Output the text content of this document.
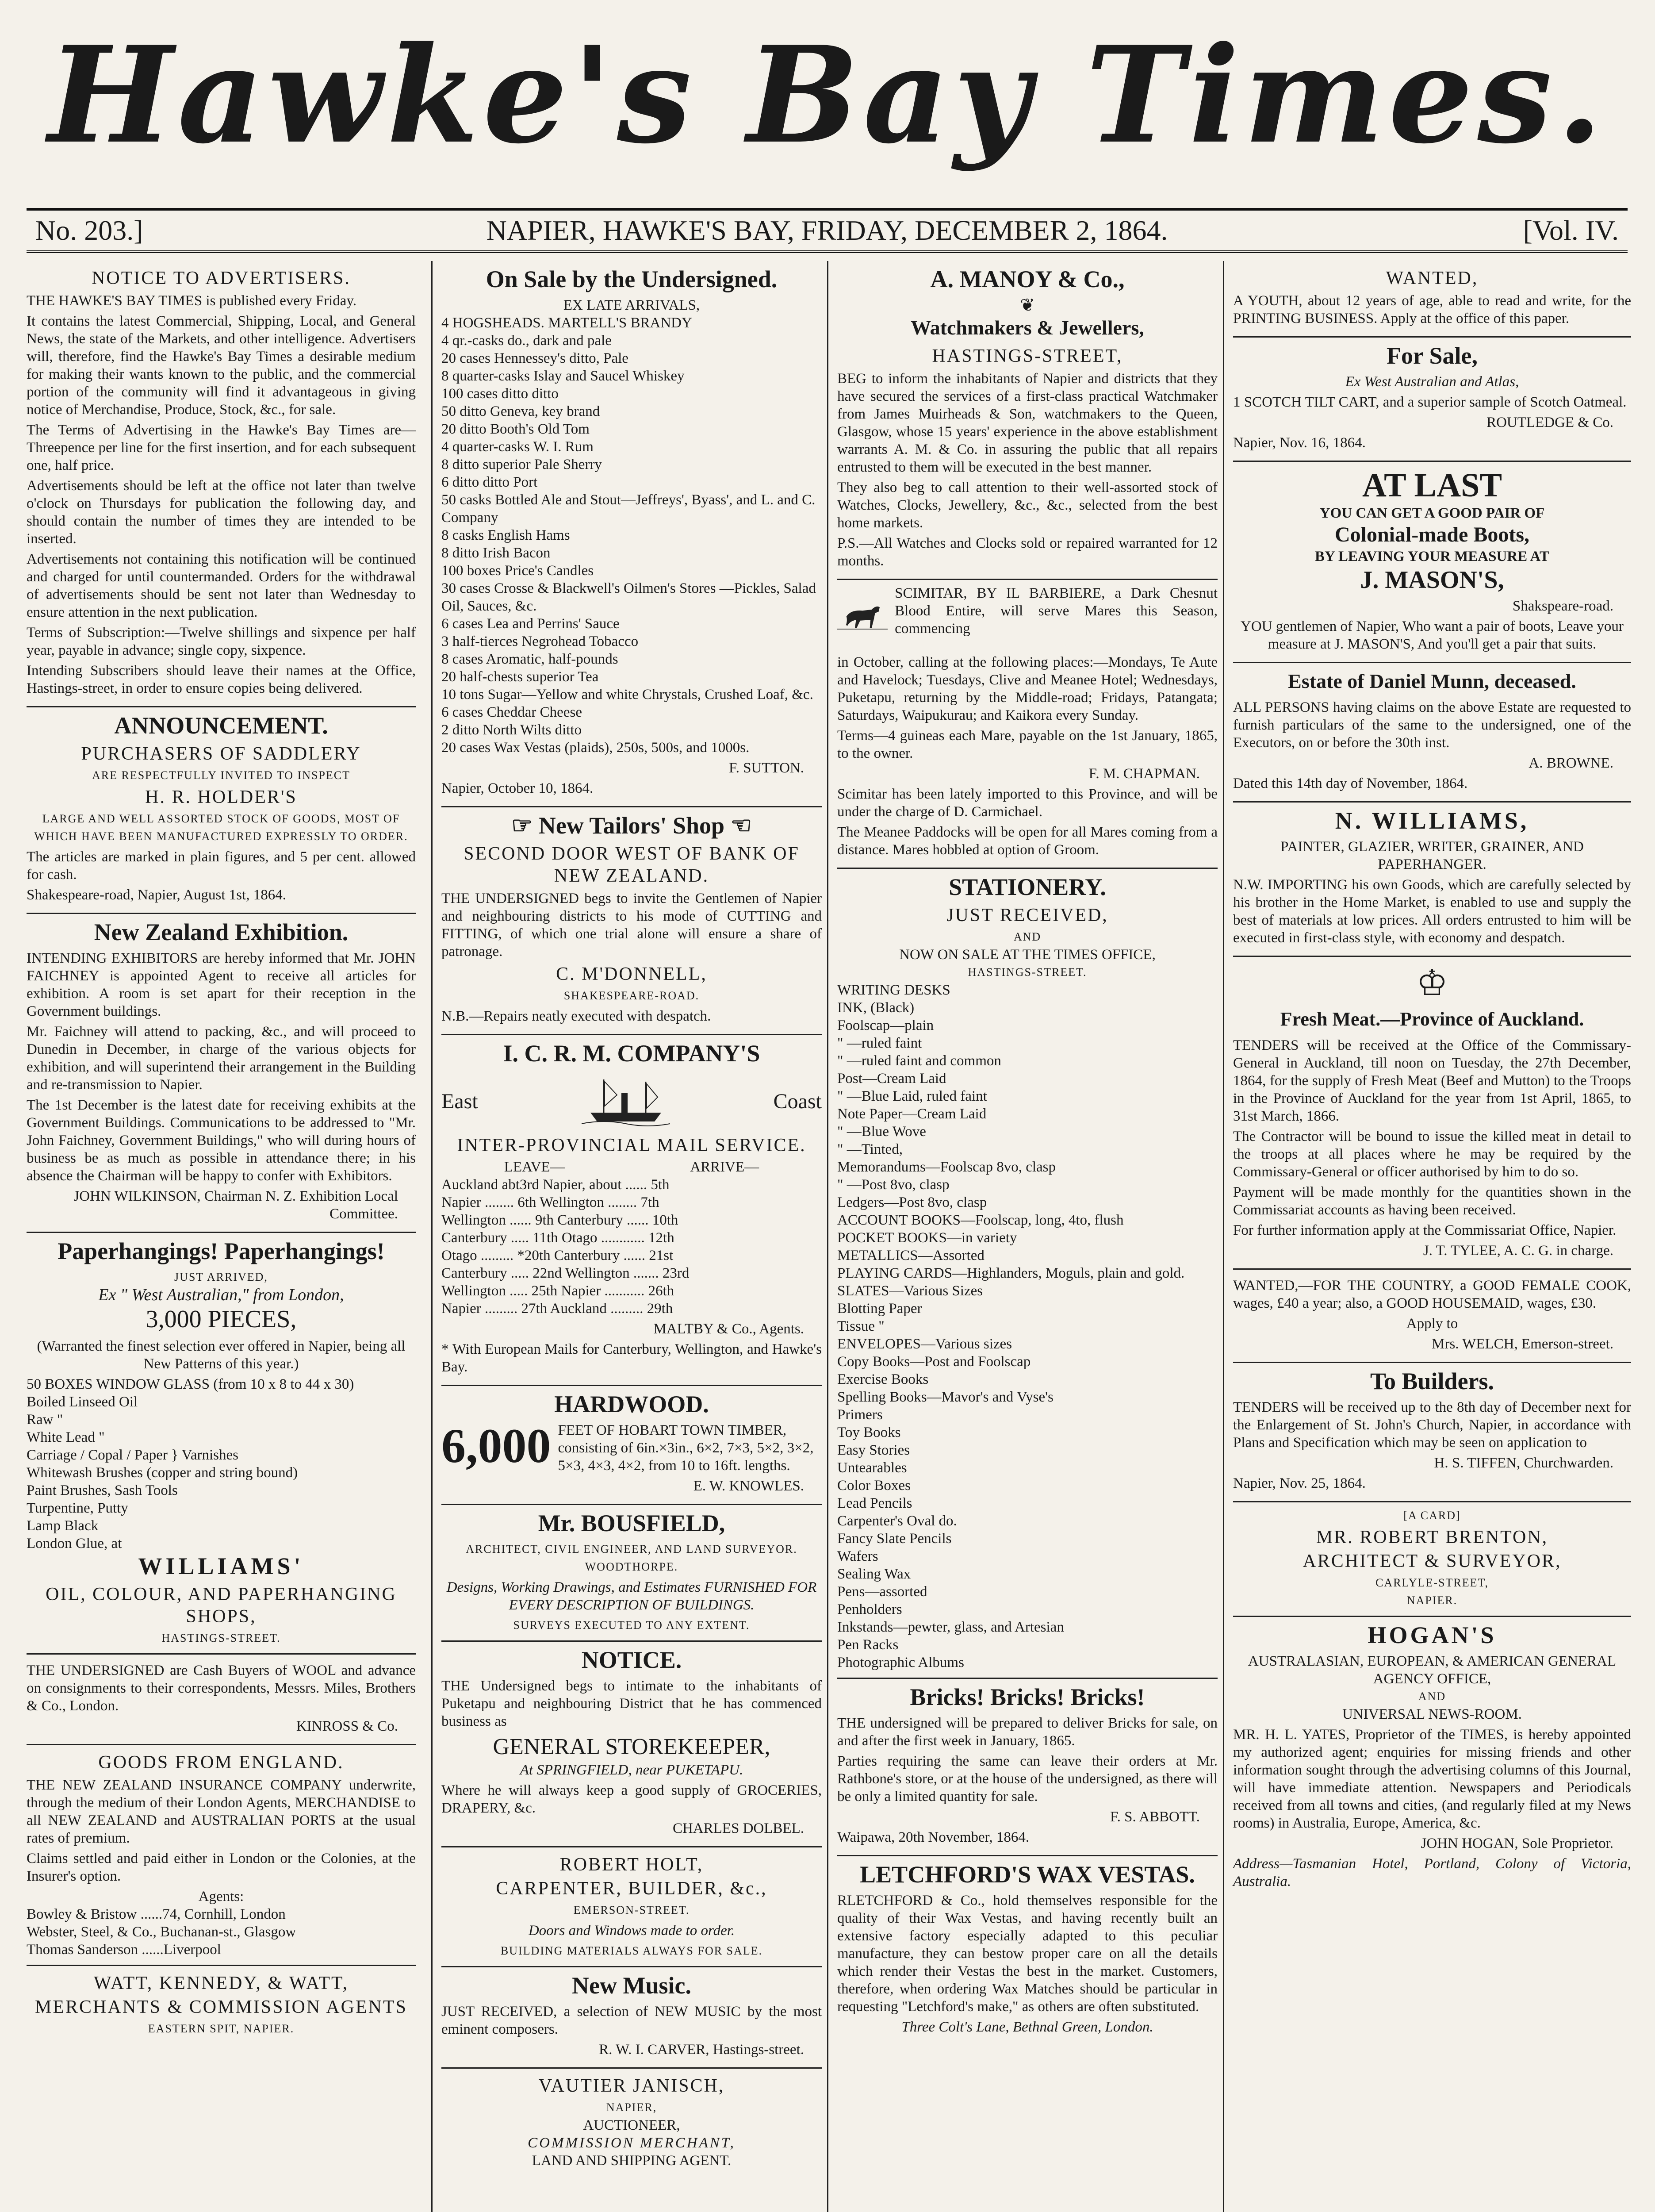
Hawke's Bay Times.
No. 203.]	NAPIER, HAWKE'S BAY, FRIDAY, DECEMBER 2, 1864.	[Vol. IV.
NOTICE TO ADVERTISERS.

THE HAWKE'S BAY TIMES is published every Friday.

It contains the latest Commercial, Shipping, Local, and General News, the state of the Markets, and other intelligence. Advertisers will, therefore, find the Hawke's Bay Times a desirable medium for making their wants known to the public, and the commercial portion of the community will find it advantageous in giving notice of Merchandise, Produce, Stock, &c., for sale.

The Terms of Advertising in the Hawke's Bay Times are—Threepence per line for the first insertion, and for each subsequent one, half price.

Advertisements should be left at the office not later than twelve o'clock on Thursdays for publication the following day, and should contain the number of times they are intended to be inserted.

Advertisements not containing this notification will be continued and charged for until countermanded. Orders for the withdrawal of advertisements should be sent not later than Wednesday to ensure attention in the next publication.

Terms of Subscription:—Twelve shillings and sixpence per half year, payable in advance; single copy, sixpence.

Intending Subscribers should leave their names at the Office, Hastings-street, in order to ensure copies being delivered.

ANNOUNCEMENT.
PURCHASERS OF SADDLERY
ARE RESPECTFULLY INVITED TO INSPECT
H. R. HOLDER'S
LARGE AND WELL ASSORTED STOCK OF GOODS, MOST OF WHICH HAVE BEEN MANUFACTURED EXPRESSLY TO ORDER.

The articles are marked in plain figures, and 5 per cent. allowed for cash.

Shakespeare-road, Napier, August 1st, 1864.

New Zealand Exhibition.

INTENDING EXHIBITORS are hereby informed that Mr. JOHN FAICHNEY is appointed Agent to receive all articles for exhibition. A room is set apart for their reception in the Government buildings.

Mr. Faichney will attend to packing, &c., and will proceed to Dunedin in December, in charge of the various objects for exhibition, and will superintend their arrangement in the Building and re-transmission to Napier.

The 1st December is the latest date for receiving exhibits at the Government Buildings. Communications to be addressed to "Mr. John Faichney, Government Buildings," who will during hours of business be as much as possible in attendance there; in his absence the Chairman will be happy to confer with Exhibitors.

JOHN WILKINSON, Chairman N. Z. Exhibition Local Committee.

Paperhangings! Paperhangings!
JUST ARRIVED,
Ex " West Australian," from London,
3,000 PIECES,

(Warranted the finest selection ever offered in Napier, being all New Patterns of this year.)

50 BOXES WINDOW GLASS (from 10 x 8 to 44 x 30)
Boiled Linseed Oil
Raw "
White Lead "
Carriage / Copal / Paper } Varnishes
Whitewash Brushes (copper and string bound)
Paint Brushes, Sash Tools
Turpentine, Putty
Lamp Black
London Glue, at
WILLIAMS'
OIL, COLOUR, AND PAPERHANGING SHOPS,
HASTINGS-STREET.

THE UNDERSIGNED are Cash Buyers of WOOL and advance on consignments to their correspondents, Messrs. Miles, Brothers & Co., London.

KINROSS & Co.

GOODS FROM ENGLAND.

THE NEW ZEALAND INSURANCE COMPANY underwrite, through the medium of their London Agents, MERCHANDISE to all NEW ZEALAND and AUSTRALIAN PORTS at the usual rates of premium.

Claims settled and paid either in London or the Colonies, at the Insurer's option.

Agents:
Bowley & Bristow ......74, Cornhill, London
Webster, Steel, & Co., Buchanan-st., Glasgow
Thomas Sanderson ......Liverpool
WATT, KENNEDY, & WATT,
MERCHANTS & COMMISSION AGENTS
EASTERN SPIT, NAPIER.
On Sale by the Undersigned.
EX LATE ARRIVALS,
4 HOGSHEADS. MARTELL'S BRANDY
4 qr.-casks do., dark and pale
20 cases Hennessey's ditto, Pale
8 quarter-casks Islay and Saucel Whiskey
100 cases ditto ditto
50 ditto Geneva, key brand
20 ditto Booth's Old Tom
4 quarter-casks W. I. Rum
8 ditto superior Pale Sherry
6 ditto ditto Port
50 casks Bottled Ale and Stout—Jeffreys', Byass', and L. and C. Company
8 casks English Hams
8 ditto Irish Bacon
100 boxes Price's Candles
30 cases Crosse & Blackwell's Oilmen's Stores —Pickles, Salad Oil, Sauces, &c.
6 cases Lea and Perrins' Sauce
3 half-tierces Negrohead Tobacco
8 cases Aromatic, half-pounds
20 half-chests superior Tea
10 tons Sugar—Yellow and white Chrystals, Crushed Loaf, &c.
6 cases Cheddar Cheese
2 ditto North Wilts ditto
20 cases Wax Vestas (plaids), 250s, 500s, and 1000s.

F. SUTTON.

Napier, October 10, 1864.

☞ New Tailors' Shop ☜
SECOND DOOR WEST OF BANK OF NEW ZEALAND.

THE UNDERSIGNED begs to invite the Gentlemen of Napier and neighbouring districts to his mode of CUTTING and FITTING, of which one trial alone will ensure a share of patronage.

C. M'DONNELL,
SHAKESPEARE-ROAD.

N.B.—Repairs neatly executed with despatch.

I. C. R. M. COMPANY'S
East	Coast
INTER-PROVINCIAL MAIL SERVICE.
LEAVE—	ARRIVE—
Auckland abt3rd Napier, about ...... 5th
Napier ........ 6th Wellington ........ 7th
Wellington ...... 9th Canterbury ...... 10th
Canterbury ..... 11th Otago ............ 12th
Otago ......... *20th Canterbury ...... 21st
Canterbury ..... 22nd Wellington ....... 23rd
Wellington ..... 25th Napier ........... 26th
Napier ......... 27th Auckland ......... 29th

MALTBY & Co., Agents.

* With European Mails for Canterbury, Wellington, and Hawke's Bay.

HARDWOOD.
6,000 FEET OF HOBART TOWN TIMBER, consisting of 6in.×3in., 6×2, 7×3, 5×2, 3×2, 5×3, 4×3, 4×2, from 10 to 16ft. lengths.

E. W. KNOWLES.

Mr. BOUSFIELD,
ARCHITECT, CIVIL ENGINEER, AND LAND SURVEYOR. WOODTHORPE.

Designs, Working Drawings, and Estimates FURNISHED FOR EVERY DESCRIPTION OF BUILDINGS.

SURVEYS EXECUTED TO ANY EXTENT.
NOTICE.

THE Undersigned begs to intimate to the inhabitants of Puketapu and neighbouring District that he has commenced business as

GENERAL STOREKEEPER,
At SPRINGFIELD, near PUKETAPU.

Where he will always keep a good supply of GROCERIES, DRAPERY, &c.

CHARLES DOLBEL.

ROBERT HOLT,
CARPENTER, BUILDER, &c.,
EMERSON-STREET.

Doors and Windows made to order.

BUILDING MATERIALS ALWAYS FOR SALE.
New Music.

JUST RECEIVED, a selection of NEW MUSIC by the most eminent composers.

R. W. I. CARVER, Hastings-street.

VAUTIER JANISCH,
NAPIER,
AUCTIONEER,
COMMISSION MERCHANT,
LAND AND SHIPPING AGENT.
A. MANOY & Co.,
❦
Watchmakers & Jewellers,
HASTINGS-STREET,

BEG to inform the inhabitants of Napier and districts that they have secured the services of a first-class practical Watchmaker from James Muirheads & Son, watchmakers to the Queen, Glasgow, whose 15 years' experience in the above establishment warrants A. M. & Co. in assuring the public that all repairs entrusted to them will be executed in the best manner.

They also beg to call attention to their well-assorted stock of Watches, Clocks, Jewellery, &c., &c., selected from the best home markets.

P.S.—All Watches and Clocks sold or repaired warranted for 12 months.

SCIMITAR, BY IL BARBIERE, a Dark Chesnut Blood Entire, will serve Mares this Season, commencing

in October, calling at the following places:—Mondays, Te Aute and Havelock; Tuesdays, Clive and Meanee Hotel; Wednesdays, Puketapu, returning by the Middle-road; Fridays, Patangata; Saturdays, Waipukurau; and Kaikora every Sunday.

Terms—4 guineas each Mare, payable on the 1st January, 1865, to the owner.

F. M. CHAPMAN.

Scimitar has been lately imported to this Province, and will be under the charge of D. Carmichael.

The Meanee Paddocks will be open for all Mares coming from a distance. Mares hobbled at option of Groom.

STATIONERY.
JUST RECEIVED,
AND
NOW ON SALE AT THE TIMES OFFICE,
HASTINGS-STREET.
WRITING DESKS
INK, (Black)
Foolscap—plain
" —ruled faint
" —ruled faint and common
Post—Cream Laid
" —Blue Laid, ruled faint
Note Paper—Cream Laid
" —Blue Wove
" —Tinted,
Memorandums—Foolscap 8vo, clasp
" —Post 8vo, clasp
Ledgers—Post 8vo, clasp
ACCOUNT BOOKS—Foolscap, long, 4to, flush
POCKET BOOKS—in variety
METALLICS—Assorted
PLAYING CARDS—Highlanders, Moguls, plain and gold.
SLATES—Various Sizes
Blotting Paper
Tissue "
ENVELOPES—Various sizes
Copy Books—Post and Foolscap
Exercise Books
Spelling Books—Mavor's and Vyse's
Primers
Toy Books
Easy Stories
Untearables
Color Boxes
Lead Pencils
Carpenter's Oval do.
Fancy Slate Pencils
Wafers
Sealing Wax
Pens—assorted
Penholders
Inkstands—pewter, glass, and Artesian
Pen Racks
Photographic Albums
Bricks! Bricks! Bricks!

THE undersigned will be prepared to deliver Bricks for sale, on and after the first week in January, 1865.

Parties requiring the same can leave their orders at Mr. Rathbone's store, or at the house of the undersigned, as there will be only a limited quantity for sale.

F. S. ABBOTT.

Waipawa, 20th November, 1864.

LETCHFORD'S WAX VESTAS.

RLETCHFORD & Co., hold themselves responsible for the quality of their Wax Vestas, and having recently built an extensive factory especially adapted to this peculiar manufacture, they can bestow proper care on all the details which render their Vestas the best in the market. Customers, therefore, when ordering Wax Matches should be particular in requesting "Letchford's make," as others are often substituted.

Three Colt's Lane, Bethnal Green, London.

WANTED,

A YOUTH, about 12 years of age, able to read and write, for the PRINTING BUSINESS. Apply at the office of this paper.

For Sale,
Ex West Australian and Atlas,

1 SCOTCH TILT CART, and a superior sample of Scotch Oatmeal.

ROUTLEDGE & Co.

Napier, Nov. 16, 1864.

AT LAST
YOU CAN GET A GOOD PAIR OF
Colonial-made Boots,
BY LEAVING YOUR MEASURE AT
J. MASON'S,

Shakspeare-road.

YOU gentlemen of Napier, Who want a pair of boots, Leave your measure at J. MASON'S, And you'll get a pair that suits.

Estate of Daniel Munn, deceased.

ALL PERSONS having claims on the above Estate are requested to furnish particulars of the same to the undersigned, one of the Executors, on or before the 30th inst.

A. BROWNE.

Dated this 14th day of November, 1864.

N. WILLIAMS,
PAINTER, GLAZIER, WRITER, GRAINER, AND PAPERHANGER.

N.W. IMPORTING his own Goods, which are carefully selected by his brother in the Home Market, is enabled to use and supply the best of materials at low prices. All orders entrusted to him will be executed in first-class style, with economy and despatch.

♔
Fresh Meat.—Province of Auckland.

TENDERS will be received at the Office of the Commissary-General in Auckland, till noon on Tuesday, the 27th December, 1864, for the supply of Fresh Meat (Beef and Mutton) to the Troops in the Province of Auckland for the year from 1st April, 1865, to 31st March, 1866.

The Contractor will be bound to issue the killed meat in detail to the troops at all places where he may be required by the Commissary-General or officer authorised by him to do so.

Payment will be made monthly for the quantities shown in the Commissariat accounts as having been received.

For further information apply at the Commissariat Office, Napier.

J. T. TYLEE, A. C. G. in charge.

WANTED,—FOR THE COUNTRY, a GOOD FEMALE COOK, wages, £40 a year; also, a GOOD HOUSEMAID, wages, £30.

Apply to

Mrs. WELCH, Emerson-street.

To Builders.

TENDERS will be received up to the 8th day of December next for the Enlargement of St. John's Church, Napier, in accordance with Plans and Specification which may be seen on application to

H. S. TIFFEN, Churchwarden.

Napier, Nov. 25, 1864.

[A CARD]
MR. ROBERT BRENTON,
ARCHITECT & SURVEYOR,
CARLYLE-STREET,
NAPIER.
HOGAN'S
AUSTRALASIAN, EUROPEAN, & AMERICAN GENERAL AGENCY OFFICE,
AND
UNIVERSAL NEWS-ROOM.

MR. H. L. YATES, Proprietor of the TIMES, is hereby appointed my authorized agent; enquiries for missing friends and other information sought through the advertising columns of this Journal, will have immediate attention. Newspapers and Periodicals received from all towns and cities, (and regularly filed at my News rooms) in Australia, Europe, America, &c.

JOHN HOGAN, Sole Proprietor.

Address—Tasmanian Hotel, Portland, Colony of Victoria, Australia.
